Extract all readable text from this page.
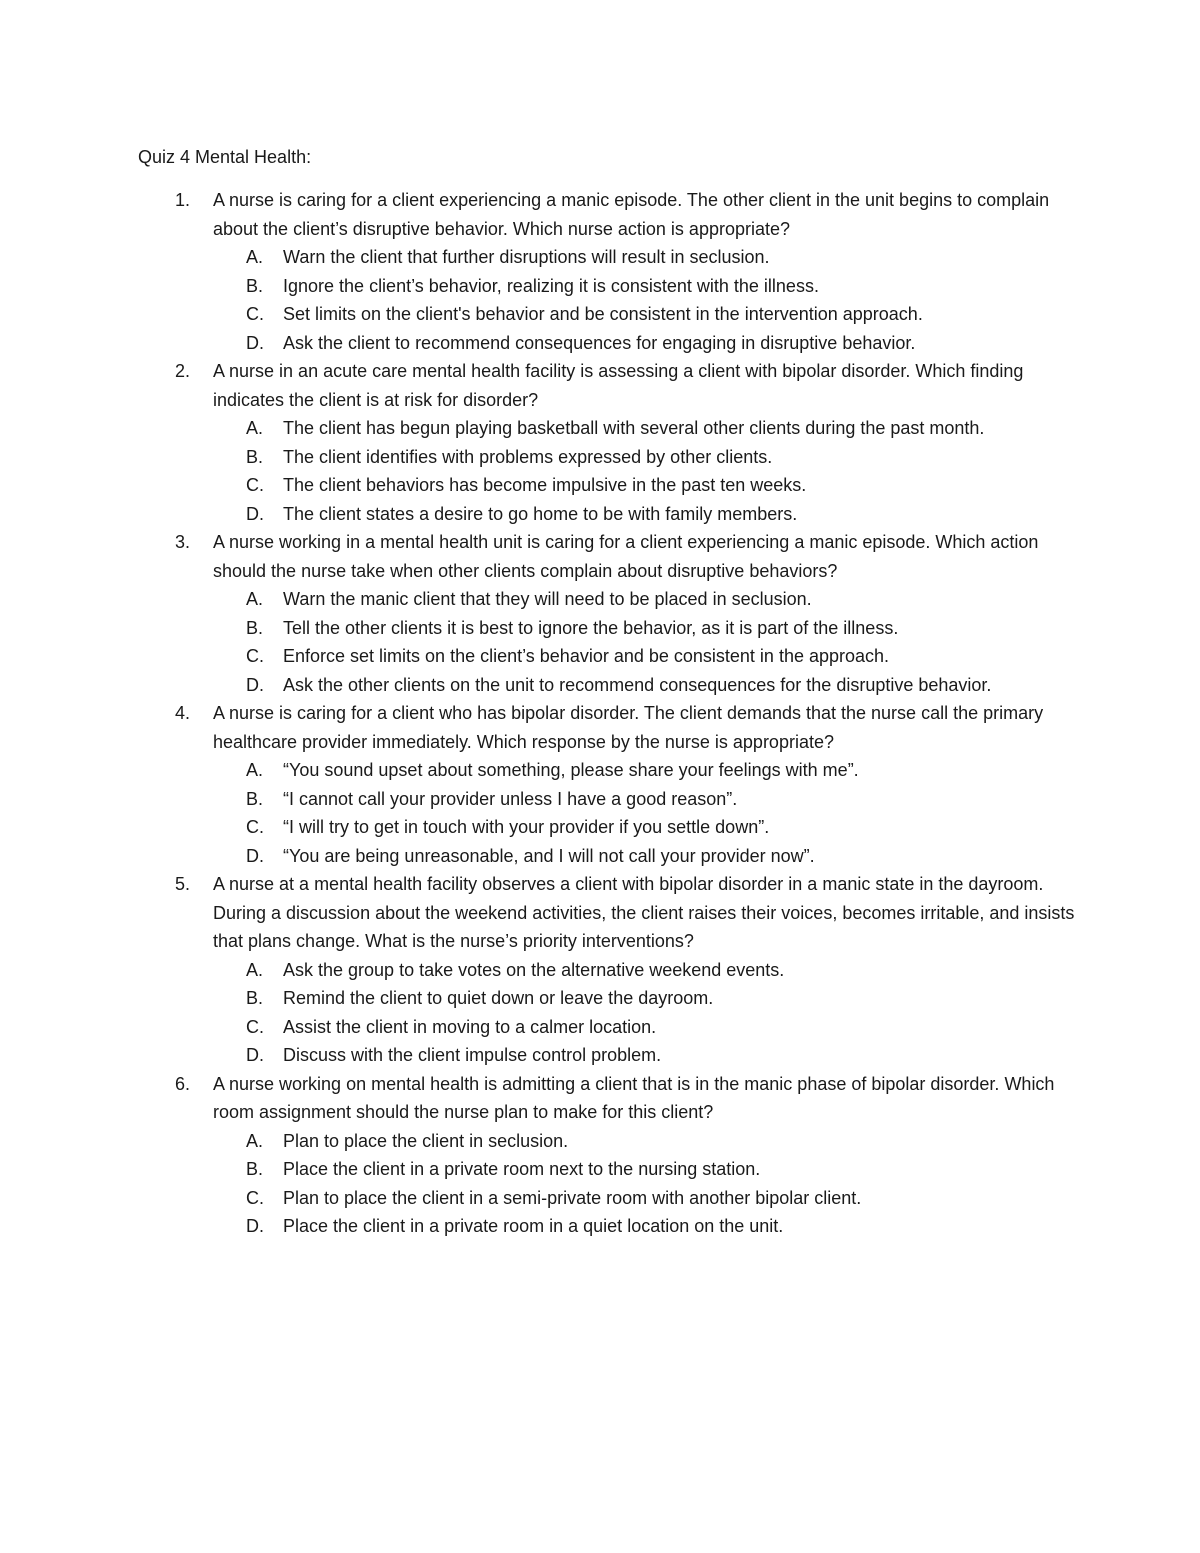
Quiz 4 Mental Health:
1.	A nurse is caring for a client experiencing a manic episode. The other client in the unit begins to complain about the client’s disruptive behavior. Which nurse action is appropriate?
A.	Warn the client that further disruptions will result in seclusion.
B.	Ignore the client’s behavior, realizing it is consistent with the illness.
C.	Set limits on the client's behavior and be consistent in the intervention approach.
D.	Ask the client to recommend consequences for engaging in disruptive behavior.
2.	A nurse in an acute care mental health facility is assessing a client with bipolar disorder. Which finding indicates the client is at risk for disorder?
A.	The client has begun playing basketball with several other clients during the past month.
B.	The client identifies with problems expressed by other clients.
C.	The client behaviors has become impulsive in the past ten weeks.
D.	The client states a desire to go home to be with family members.
3.	A nurse working in a mental health unit is caring for a client experiencing a manic episode. Which action should the nurse take when other clients complain about disruptive behaviors?
A.	Warn the manic client that they will need to be placed in seclusion.
B.	Tell the other clients it is best to ignore the behavior, as it is part of the illness.
C.	Enforce set limits on the client’s behavior and be consistent in the approach.
D.	Ask the other clients on the unit to recommend consequences for the disruptive behavior.
4.	A nurse is caring for a client who has bipolar disorder. The client demands that the nurse call the primary healthcare provider immediately. Which response by the nurse is appropriate?
A.	“You sound upset about something, please share your feelings with me”.
B.	“I cannot call your provider unless I have a good reason”.
C.	“I will try to get in touch with your provider if you settle down”.
D.	“You are being unreasonable, and I will not call your provider now”.
5.	A nurse at a mental health facility observes a client with bipolar disorder in a manic state in the dayroom. During a discussion about the weekend activities, the client raises their voices, becomes irritable, and insists that plans change. What is the nurse’s priority interventions?
A.	Ask the group to take votes on the alternative weekend events.
B.	Remind the client to quiet down or leave the dayroom.
C.	Assist the client in moving to a calmer location.
D.	Discuss with the client impulse control problem.
6.	A nurse working on mental health is admitting a client that is in the manic phase of bipolar disorder. Which room assignment should the nurse plan to make for this client?
A.	Plan to place the client in seclusion.
B.	Place the client in a private room next to the nursing station.
C.	Plan to place the client in a semi-private room with another bipolar client.
D.	Place the client in a private room in a quiet location on the unit.
